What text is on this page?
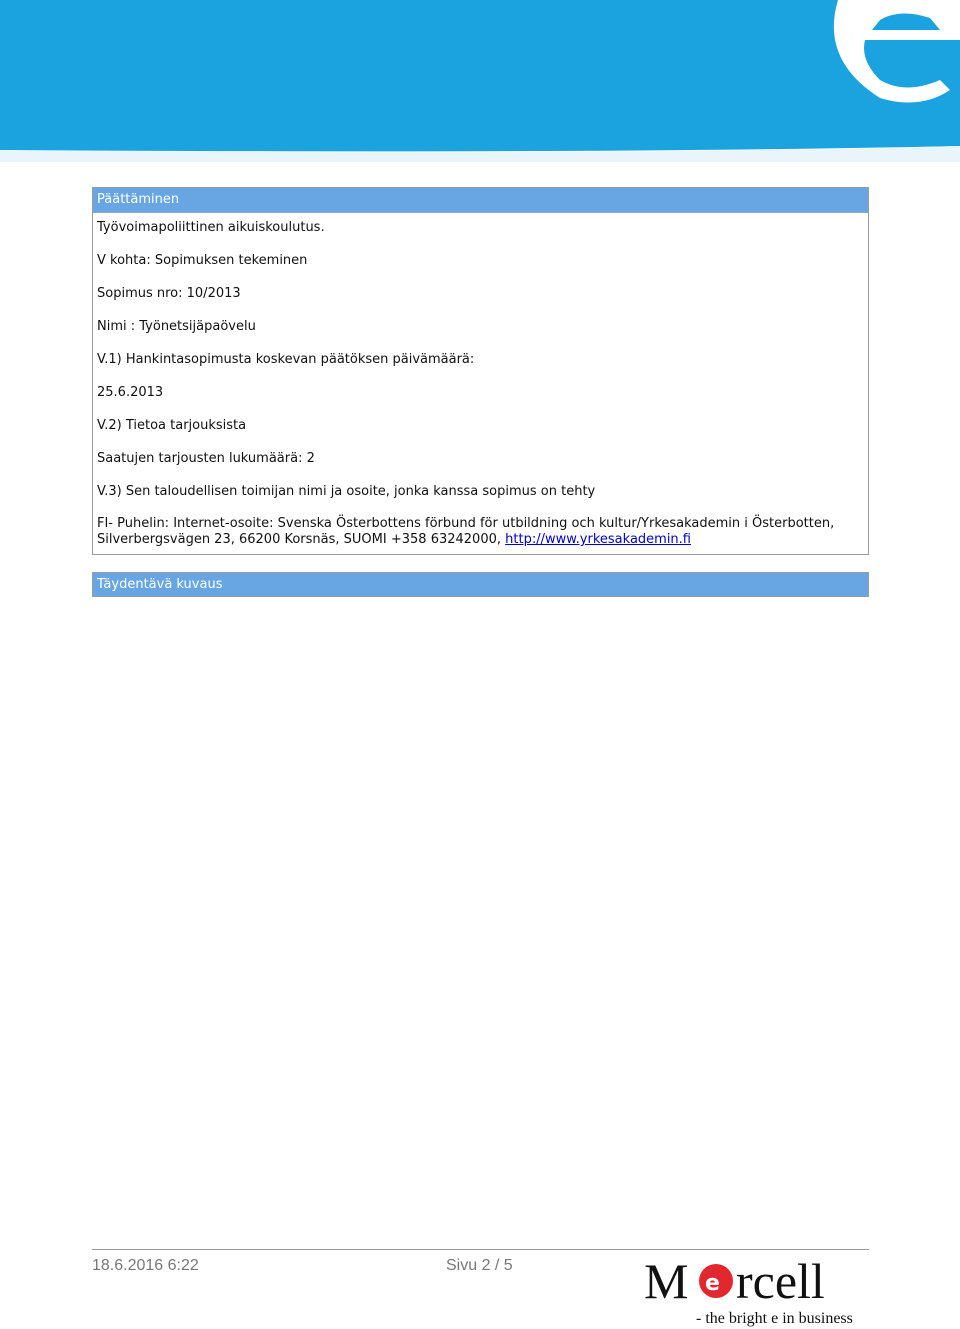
Päättäminen
Työvoimapoliittinen aikuiskoulutus.
V kohta: Sopimuksen tekeminen
Sopimus nro: 10/2013
Nimi : Työnetsijäpaövelu
V.1) Hankintasopimusta koskevan päätöksen päivämäärä:
25.6.2013
V.2) Tietoa tarjouksista
Saatujen tarjousten lukumäärä: 2
V.3) Sen taloudellisen toimijan nimi ja osoite, jonka kanssa sopimus on tehty
FI- Puhelin: Internet-osoite: Svenska Österbottens förbund för utbildning och kultur/Yrkesakademin i Österbotten, Silverbergsvägen 23, 66200 Korsnäs, SUOMI +358 63242000, http://www.yrkesakademin.fi
Täydentävä kuvaus
18.6.2016 6:22	Sivu 2 / 5	M e rcell
- the bright e in business
